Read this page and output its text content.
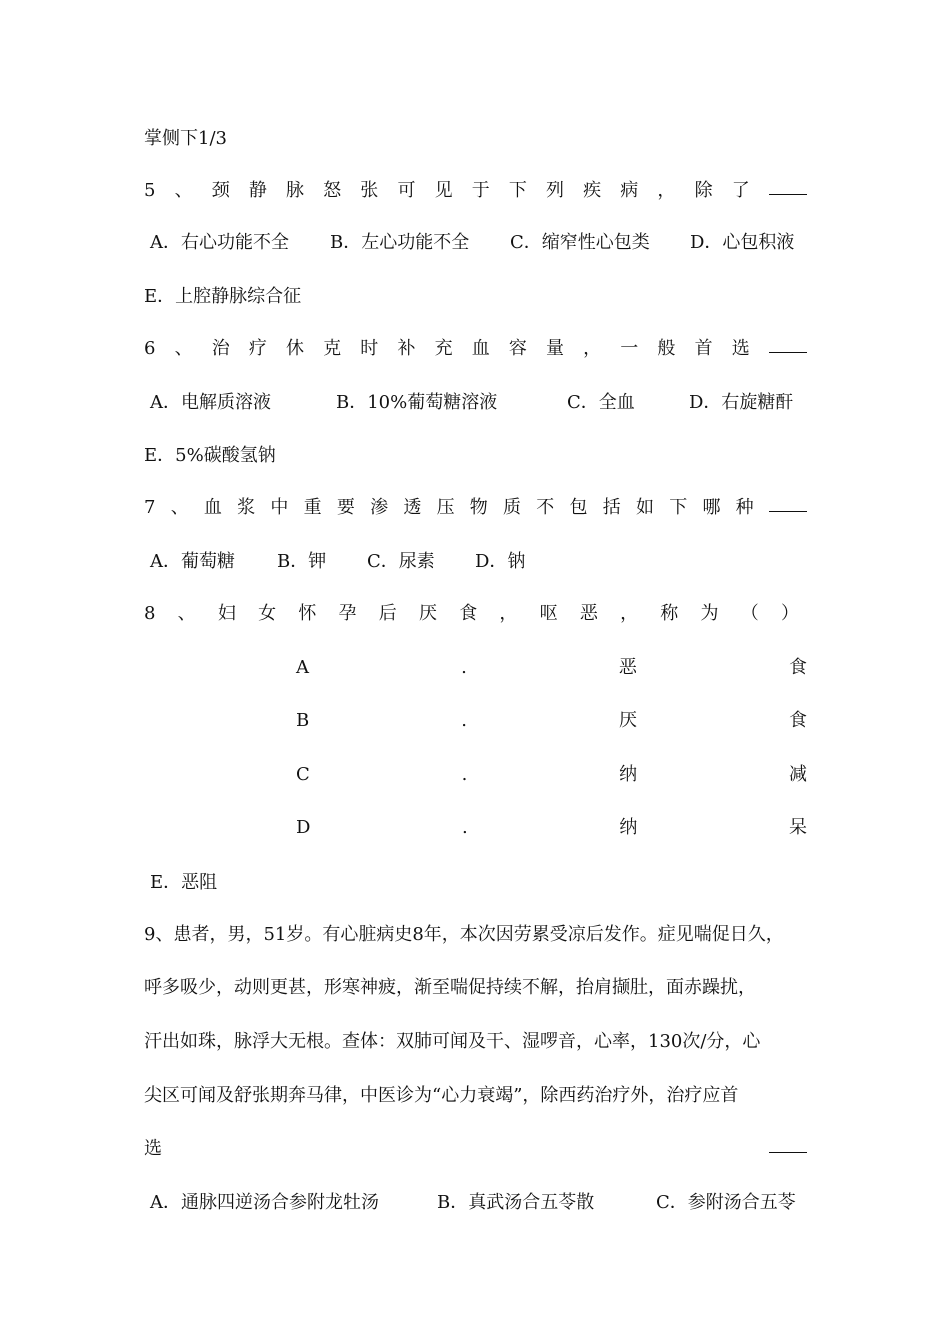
掌侧下1/3
5 、 颈 静 脉 怒 张 可 见 于 下 列 疾 病 ， 除 了
A．右心功能不全	B．左心功能不全	C．缩窄性心包类	D．心包积液
E．上腔静脉综合征
6 、 治 疗 休 克 时 补 充 血 容 量 ， 一 般 首 选
A．电解质溶液	B．10%葡萄糖溶液	C．全血	D．右旋糖酐
E．5%碳酸氢钠
7 、 血 浆 中 重 要 渗 透 压 物 质 不 包 括 如 下 哪 种
A．葡萄糖	B．钾	C．尿素	D．钠
8 、 妇 女 怀 孕 后 厌 食 ， 呕 恶 ， 称 为 （ ）
A	.	恶	食
B	.	厌	食
C	.	纳	减
D	.	纳	呆
E．恶阻
9、患者，男，51岁。有心脏病史8年，本次因劳累受凉后发作。症见喘促日久，
呼多吸少，动则更甚，形寒神疲，渐至喘促持续不解，抬肩撷肚，面赤躁扰，
汗出如珠，脉浮大无根。查体：双肺可闻及干、湿啰音，心率，130次/分，心
尖区可闻及舒张期奔马律，中医诊为“心力衰竭”，除西药治疗外，治疗应首
选
A．通脉四逆汤合参附龙牡汤	B．真武汤合五苓散	C．参附汤合五苓
